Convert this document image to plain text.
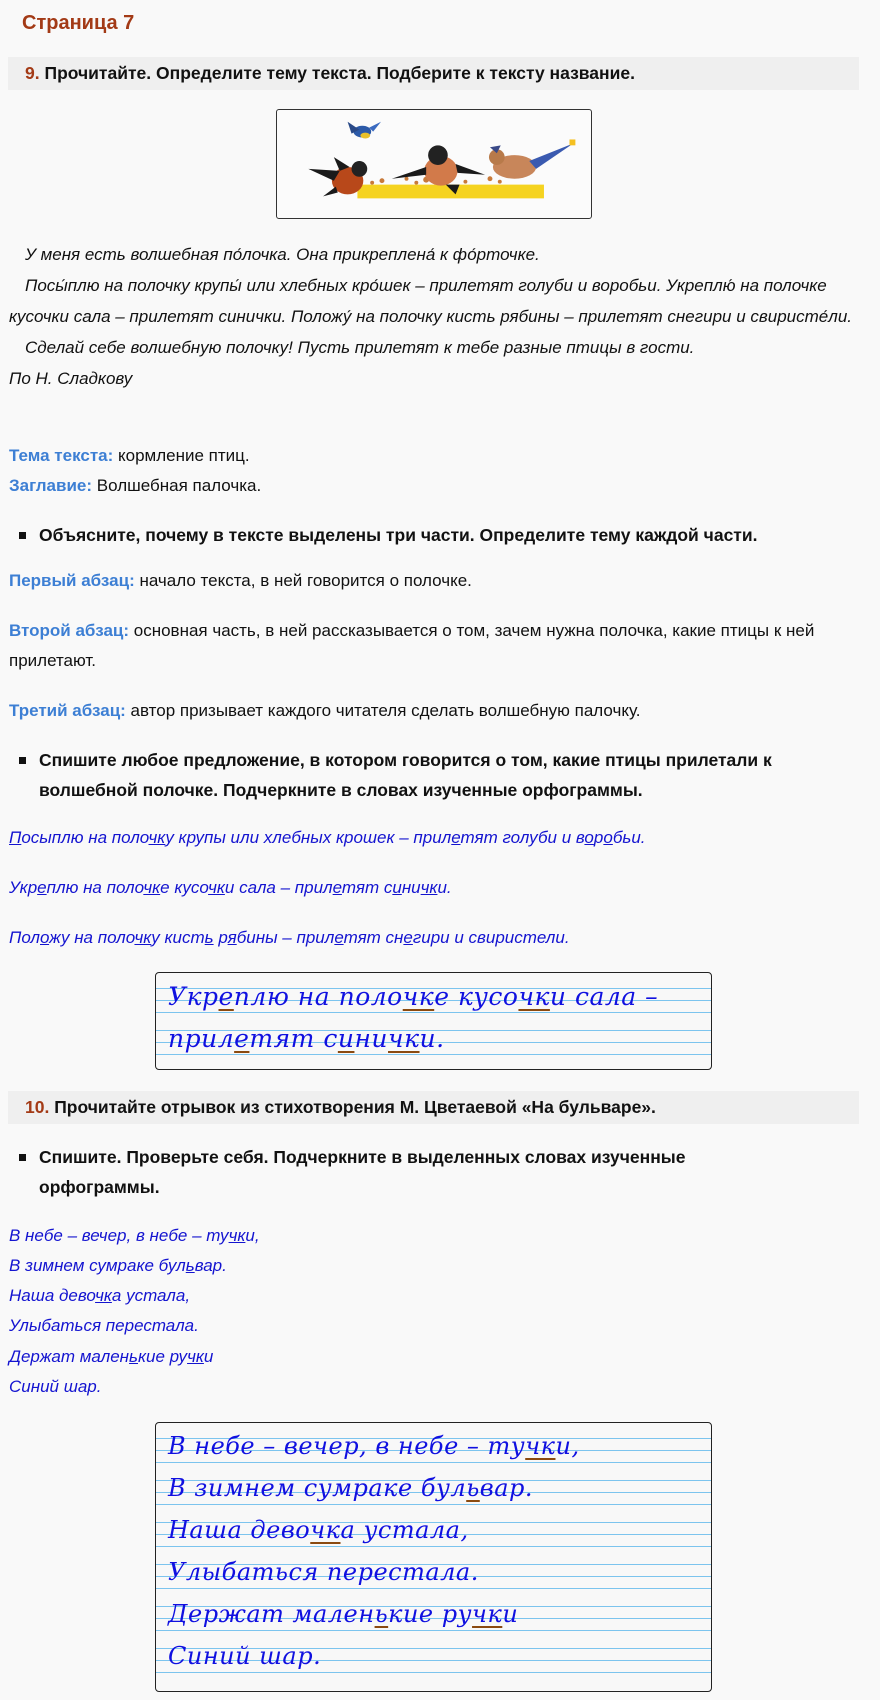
Страница 7
9. Прочитайте. Определите тему текста. Подберите к тексту название.

У меня есть волшебная по́лочка. Она прикреплена́ к фо́рточке.

Посы́плю на полочку крупы́ или хлебных кро́шек – прилетят голуби и воробьи. Укреплю́ на полочке кусочки сала – прилетят синички. Положу́ на полочку кисть рябины – прилетят снегири и свиристе́ли.

Сделай себе волшебную полочку! Пусть прилетят к тебе разные птицы в гости.

По Н. Сладкову

Тема текста: кормление птиц.
Заглавие: Волшебная палочка.
Объясните, почему в тексте выделены три части. Определите тему каждой части.
Первый абзац: начало текста, в ней говорится о полочке.
Второй абзац: основная часть, в ней рассказывается о том, зачем нужна полочка, какие птицы к ней прилетают.
Третий абзац: автор призывает каждого читателя сделать волшебную палочку.
Спишите любое предложение, в котором говорится о том, какие птицы прилетали к волшебной полочке. Подчеркните в словах изученные орфограммы.
Посыплю на полочку крупы или хлебных крошек – прилетят голуби и воробьи.
Укреплю на полочке кусочки сала – прилетят синички.
Положу на полочку кисть рябины – прилетят снегири и свиристели.
Укреплю на полочке кусочки сала –
прилетят синички.
10. Прочитайте отрывок из стихотворения М. Цветаевой «На бульваре».
Спишите. Проверьте себя. Подчеркните в выделенных словах изученные орфограммы.
В небе – вечер, в небе – тучки,
В зимнем сумраке бульвар.
Наша девочка устала,
Улыбаться перестала.
Держат маленькие ручки
Синий шар.
В небе – вечер, в небе – тучки,
В зимнем сумраке бульвар.
Наша девочка устала,
Улыбаться перестала.
Держат маленькие ручки
Синий шар.
